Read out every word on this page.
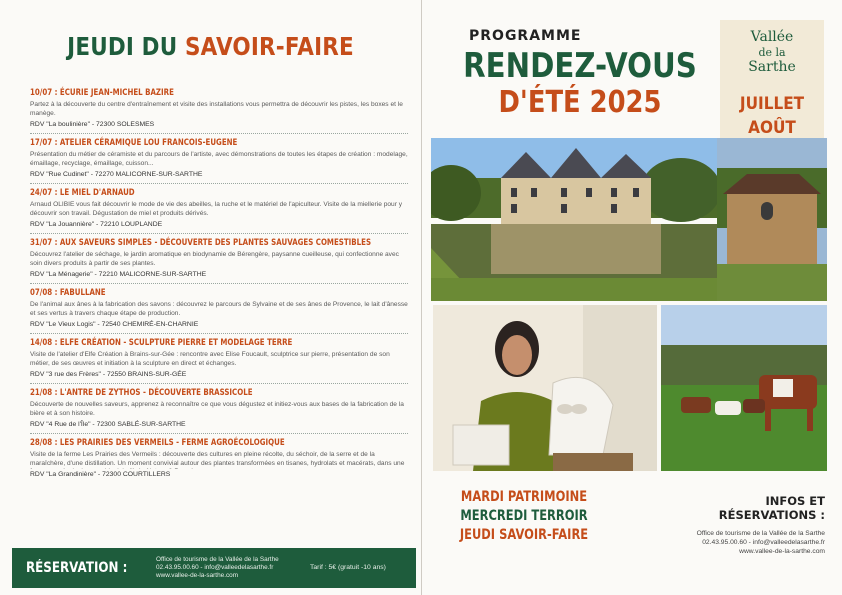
JEUDI DU SAVOIR-FAIRE
10/07 : ÉCURIE JEAN-MICHEL BAZIRE
Partez à la découverte du centre d'entraînement et visite des installations vous permettra de découvrir les pistes, les boxes et le manège.
RDV "La boulinière" - 72300 SOLESMES
17/07 : ATELIER CÉRAMIQUE LOU FRANCOIS-EUGENE
Présentation du métier de céramiste et du parcours de l'artiste, avec démonstrations de toutes les étapes de création : modelage, émaillage, recyclage, émaillage, cuisson...
RDV "Rue Cudinet" - 72270 MALICORNE-SUR-SARTHE
24/07 : LE MIEL D'ARNAUD
Arnaud OLIBIE vous fait découvrir le mode de vie des abeilles, la ruche et le matériel de l'apiculteur. Visite de la miellerie pour y découvrir son travail. Dégustation de miel et produits dérivés.
RDV "La Jouannière" - 72210 LOUPLANDE
31/07 : AUX SAVEURS SIMPLES - DÉCOUVERTE DES PLANTES SAUVAGES COMESTIBLES
Découvrez l'atelier de séchage, le jardin aromatique en biodynamie de Bérengère, paysanne cueilleuse, qui confectionne avec soin divers produits à partir de ses plantes.
RDV "La Ménagerie" - 72210 MALICORNE-SUR-SARTHE
07/08 : FABULLANE
De l'animal aux ânes à la fabrication des savons : découvrez le parcours de Sylvaine et de ses ânes de Provence, le lait d'ânesse et ses vertus à travers chaque étape de production.
RDV "Le Vieux Logis" - 72540 CHEMIRÉ-EN-CHARNIE
14/08 : ELFE CRÉATION - SCULPTURE PIERRE ET MODELAGE TERRE
Visite de l'atelier d'Elfe Création à Brains-sur-Gée : rencontre avec Elise Foucault, sculptrice sur pierre, présentation de son métier, de ses œuvres et initiation à la sculpture en direct et échanges.
RDV "3 rue des Frères" - 72550 BRAINS-SUR-GÉE
21/08 : L'ANTRE DE ZYTHOS - DÉCOUVERTE BRASSICOLE
Découverte de nouvelles saveurs, apprenez à reconnaître ce que vous dégustez et initiez-vous aux bases de la fabrication de la bière et à son histoire.
RDV "4 Rue de l'Île" - 72300 SABLÉ-SUR-SARTHE
28/08 : LES PRAIRIES DES VERMEILS - FERME AGROÉCOLOGIQUE
Visite de la ferme Les Prairies des Vermeils : découverte des cultures en pleine récolte, du séchoir, de la serre et de la maraîchère, d'une distillation. Un moment convivial autour des plantes transformées en tisanes, hydrolats et macérats, dans une
RDV "La Grandinière" - 72300 COURTILLERS
RÉSERVATION :
Office de tourisme de la Vallée de la Sarthe
02.43.95.00.60 - info@valleedelasarthe.fr
www.vallee-de-la-sarthe.com
Tarif : 5€ (gratuit -10 ans)
PROGRAMME
RENDEZ-VOUS
D'ÉTÉ 2025
Vallée
de la
Sarthe
JUILLET
AOÛT
MARDI PATRIMOINE
MERCREDI TERROIR
JEUDI SAVOIR-FAIRE
INFOS ET
RÉSERVATIONS :
Office de tourisme de la Vallée de la Sarthe
02.43.95.00.60 - info@valleedelasarthe.fr
www.vallee-de-la-sarthe.com
